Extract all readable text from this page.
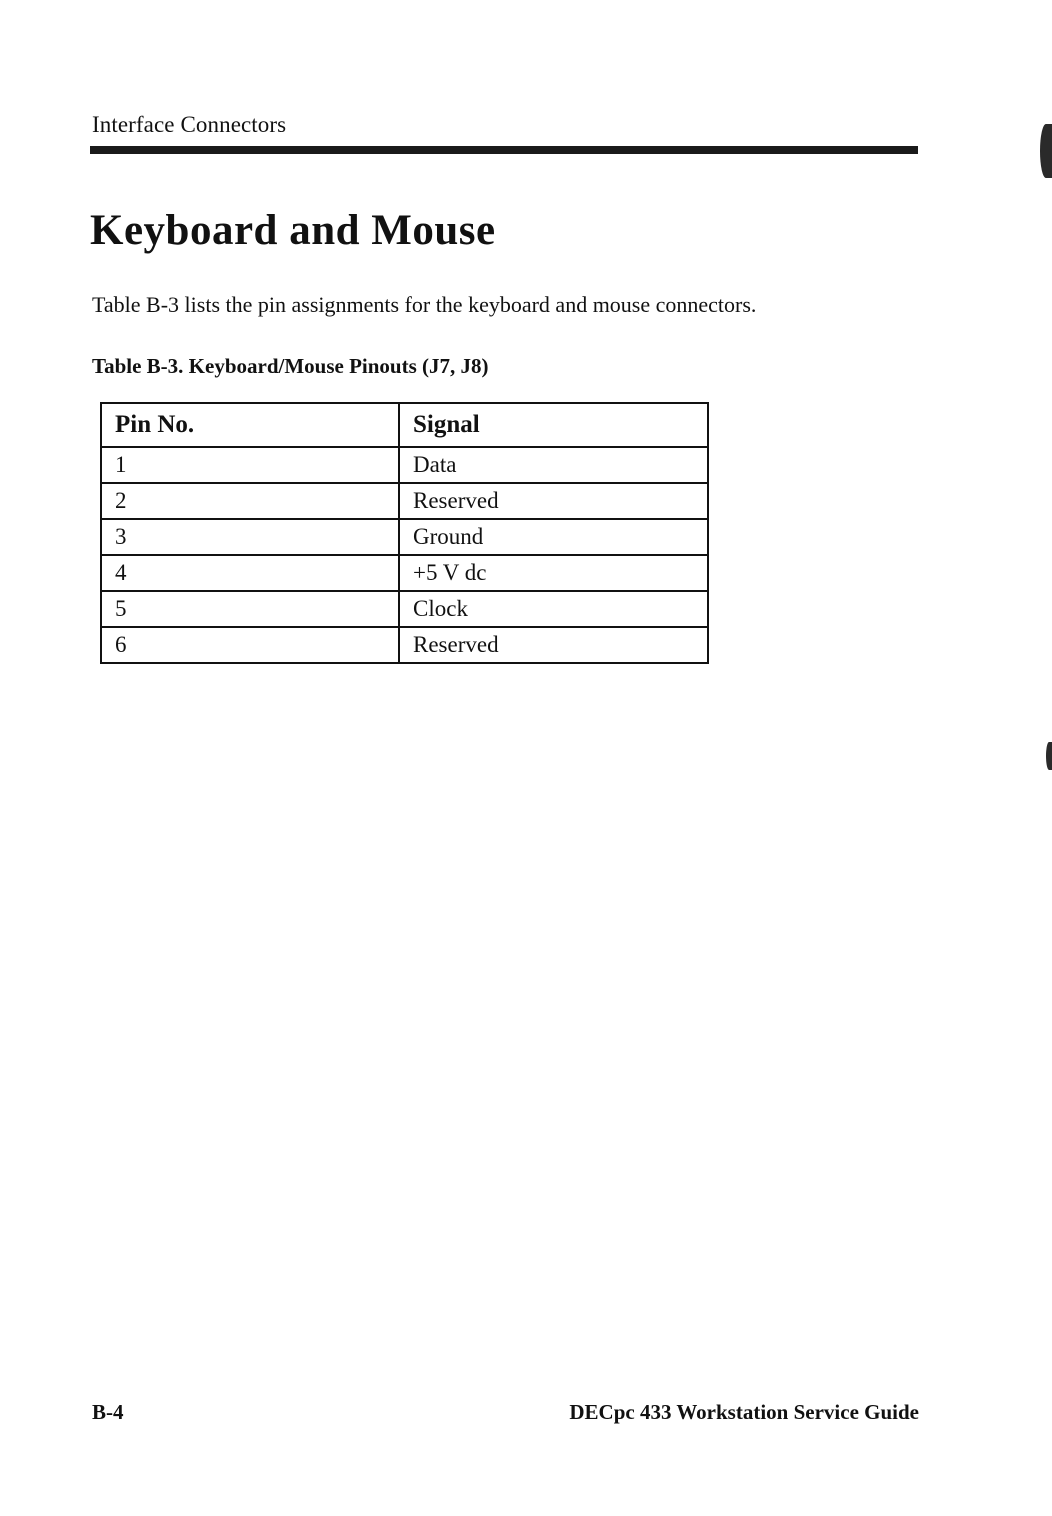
Interface Connectors
Keyboard and Mouse

Table B-3 lists the pin assignments for the keyboard and mouse connectors.

Table B-3. Keyboard/Mouse Pinouts (J7, J8)

Pin No.	Signal
1	Data
2	Reserved
3	Ground
4	+5 V dc
5	Clock
6	Reserved
B-4	DECpc 433 Workstation Service Guide
